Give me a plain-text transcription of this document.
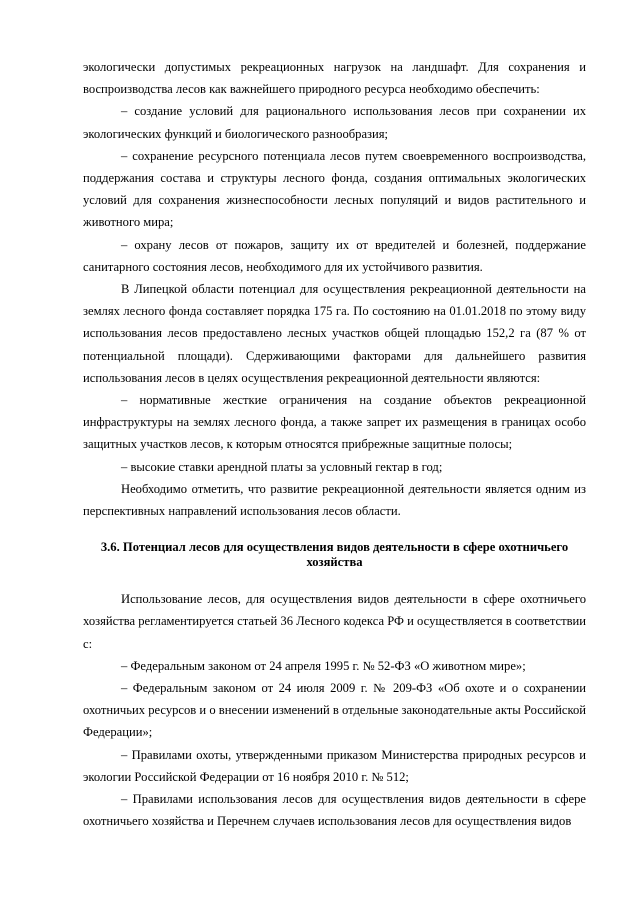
экологически допустимых рекреационных нагрузок на ландшафт. Для сохранения и воспроизводства лесов как важнейшего природного ресурса необходимо обеспечить:

– создание условий для рационального использования лесов при сохранении их экологических функций и биологического разнообразия;

– сохранение ресурсного потенциала лесов путем своевременного воспроизводства, поддержания состава и структуры лесного фонда, создания оптимальных экологических условий для сохранения жизнеспособности лесных популяций и видов растительного и животного мира;

– охрану лесов от пожаров, защиту их от вредителей и болезней, поддержание санитарного состояния лесов, необходимого для их устойчивого развития.

В Липецкой области потенциал для осуществления рекреационной деятельности на землях лесного фонда составляет порядка 175 га. По состоянию на 01.01.2018 по этому виду использования лесов предоставлено лесных участков общей площадью 152,2 га (87 % от потенциальной площади). Сдерживающими факторами для дальнейшего развития использования лесов в целях осуществления рекреационной деятельности являются:

– нормативные жесткие ограничения на создание объектов рекреационной инфраструктуры на землях лесного фонда, а также запрет их размещения в границах особо защитных участков лесов, к которым относятся прибрежные защитные полосы;

– высокие ставки арендной платы за условный гектар в год;

Необходимо отметить, что развитие рекреационной деятельности является одним из перспективных направлений использования лесов области.

3.6. Потенциал лесов для осуществления видов деятельности в сфере охотничьего хозяйства

Использование лесов, для осуществления видов деятельности в сфере охотничьего хозяйства регламентируется статьей 36 Лесного кодекса РФ и осуществляется в соответствии с:

– Федеральным законом от 24 апреля 1995 г. № 52-ФЗ «О животном мире»;

– Федеральным законом от 24 июля 2009 г. № 209-ФЗ «Об охоте и о сохранении охотничьих ресурсов и о внесении изменений в отдельные законодательные акты Российской Федерации»;

– Правилами охоты, утвержденными приказом Министерства природных ресурсов и экологии Российской Федерации от 16 ноября 2010 г. № 512;

– Правилами использования лесов для осуществления видов деятельности в сфере охотничьего хозяйства и Перечнем случаев использования лесов для осуществления видов
